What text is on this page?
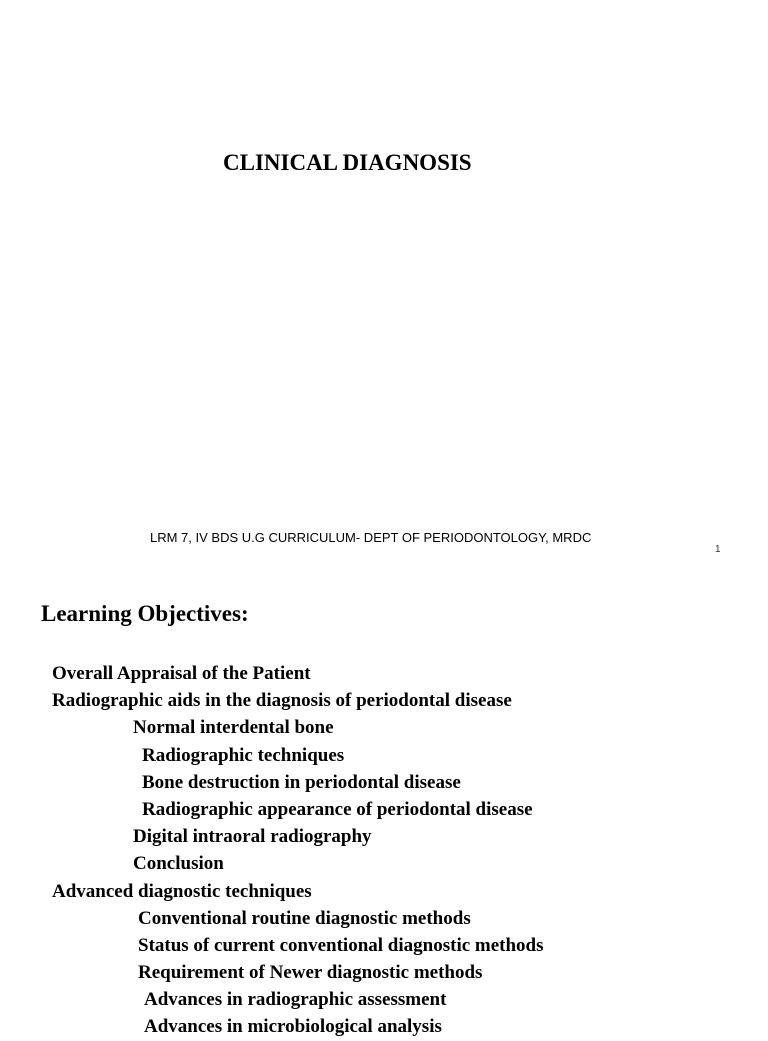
CLINICAL DIAGNOSIS
LRM 7, IV BDS U.G CURRICULUM- DEPT OF PERIODONTOLOGY, MRDC
1
Learning Objectives:
Overall Appraisal of the Patient
Radiographic aids in the diagnosis of periodontal disease
Normal interdental bone
Radiographic techniques
Bone destruction in periodontal disease
Radiographic appearance of periodontal disease
Digital intraoral radiography
Conclusion
Advanced diagnostic techniques
Conventional routine diagnostic methods
Status of current conventional diagnostic methods
Requirement of Newer diagnostic methods
Advances in radiographic assessment
Advances in microbiological analysis
